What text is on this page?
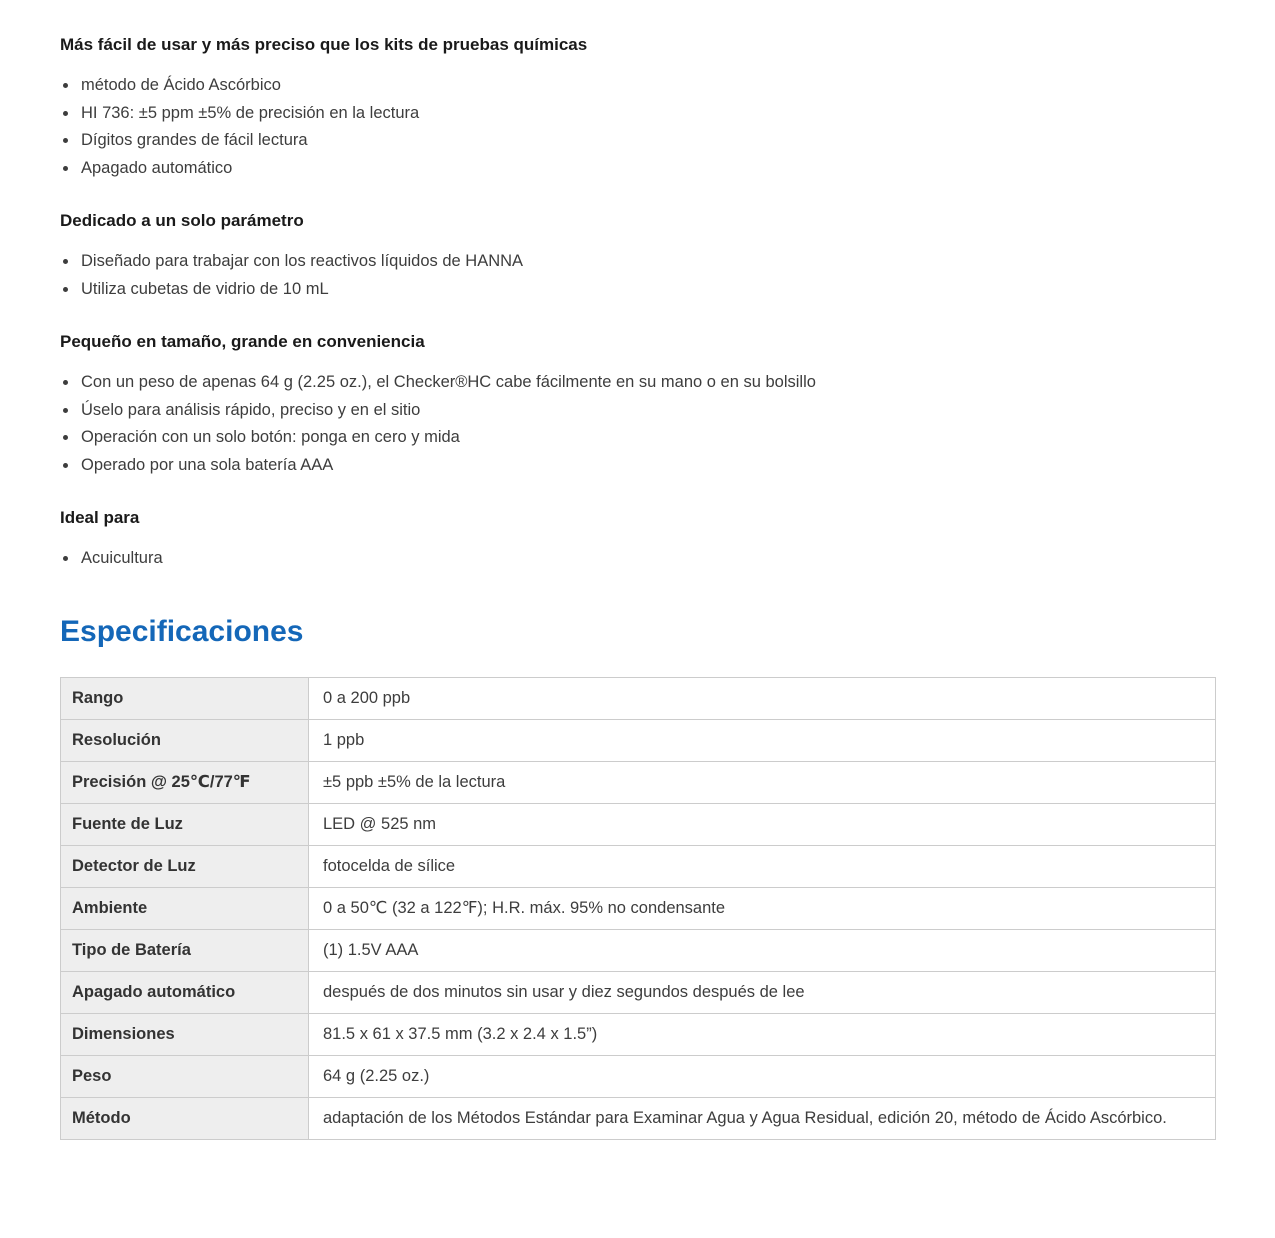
Más fácil de usar y más preciso que los kits de pruebas químicas
• método de Ácido Ascórbico
• HI 736: ±5 ppm ±5% de precisión en la lectura
• Dígitos grandes de fácil lectura
• Apagado automático
Dedicado a un solo parámetro
• Diseñado para trabajar con los reactivos líquidos de HANNA
• Utiliza cubetas de vidrio de 10 mL
Pequeño en tamaño, grande en conveniencia
• Con un peso de apenas 64 g (2.25 oz.), el Checker®HC cabe fácilmente en su mano o en su bolsillo
• Úselo para análisis rápido, preciso y en el sitio
• Operación con un solo botón: ponga en cero y mida
• Operado por una sola batería AAA
Ideal para
• Acuicultura
Especificaciones
Rango	0 a 200 ppb
Resolución	1 ppb
Precisión @ 25℃/77℉	±5 ppb ±5% de la lectura
Fuente de Luz	LED @ 525 nm
Detector de Luz	fotocelda de sílice
Ambiente	0 a 50℃ (32 a 122℉); H.R. máx. 95% no condensante
Tipo de Batería	(1) 1.5V AAA
Apagado automático	después de dos minutos sin usar y diez segundos después de lee
Dimensiones	81.5 x 61 x 37.5 mm (3.2 x 2.4 x 1.5”)
Peso	64 g (2.25 oz.)
Método	adaptación de los Métodos Estándar para Examinar Agua y Agua Residual, edición 20, método de Ácido Ascórbico.
